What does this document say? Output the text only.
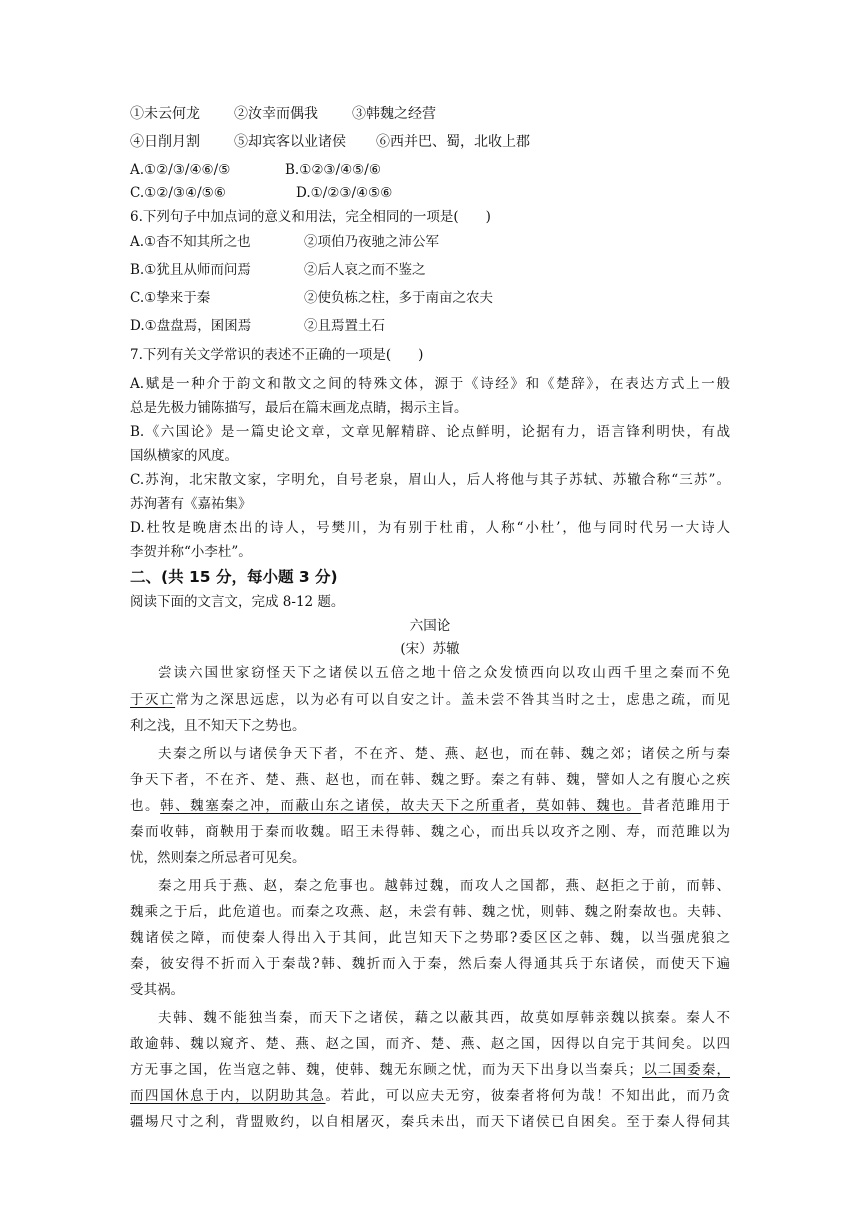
①未云何龙 ②汝幸而偶我 ③韩魏之经营
④日削月割 ⑤却宾客以业诸侯 ⑥西并巴、蜀，北收上郡
A.①②/③/④⑥/⑤	B.①②③/④⑤/⑥
C.①②/③④/⑤⑥	D.①/②③/④⑤⑥
6.下列句子中加点词的意义和用法，完全相同的一项是(　　)
A.①杳不知其所之也	②项伯乃夜驰之沛公军
B.①犹且从师而问焉	②后人哀之而不鉴之
C.①挚来于秦	②使负栋之柱，多于南亩之农夫
D.①盘盘焉，囷囷焉	②且焉置土石
7.下列有关文学常识的表述不正确的一项是(　　)
A.赋是一种介于韵文和散文之间的特殊文体，源于《诗经》和《楚辞》，在表达方式上一般
总是先极力铺陈描写，最后在篇末画龙点睛，揭示主旨。
B.《六国论》是一篇史论文章，文章见解精辟、论点鲜明，论据有力，语言锋利明快，有战
国纵横家的风度。
C.苏洵，北宋散文家，字明允，自号老泉，眉山人，后人将他与其子苏轼、苏辙合称“三苏”。
苏洵著有《嘉祐集》
D.杜牧是晚唐杰出的诗人，号樊川，为有别于杜甫，人称“小杜’，他与同时代另一大诗人
李贺并称“小李杜”。
二、(共 15 分，每小题 3 分)
阅读下面的文言文，完成 8-12 题。
六国论
(宋）苏辙
尝读六国世家窃怪天下之诸侯以五倍之地十倍之众发愤西向以攻山西千里之秦而不免
于灭亡常为之深思远虑，以为必有可以自安之计。盖未尝不咎其当时之士，虑患之疏，而见
利之浅，且不知天下之势也。
夫秦之所以与诸侯争天下者，不在齐、楚、燕、赵也，而在韩、魏之郊；诸侯之所与秦
争天下者，不在齐、楚、燕、赵也，而在韩、魏之野。秦之有韩、魏，譬如人之有腹心之疾
也。韩、魏塞秦之冲，而蔽山东之诸侯，故夫天下之所重者，莫如韩、魏也。昔者范雎用于
秦而收韩，商鞅用于秦而收魏。昭王未得韩、魏之心，而出兵以攻齐之刚、寿，而范雎以为
忧，然则秦之所忌者可见矣。
秦之用兵于燕、赵，秦之危事也。越韩过魏，而攻人之国都，燕、赵拒之于前，而韩、
魏乘之于后，此危道也。而秦之攻燕、赵，未尝有韩、魏之忧，则韩、魏之附秦故也。夫韩、
魏诸侯之障，而使秦人得出入于其间，此岂知天下之势耶?委区区之韩、魏，以当强虎狼之
秦，彼安得不折而入于秦哉?韩、魏折而入于秦，然后秦人得通其兵于东诸侯，而使天下遍
受其祸。
夫韩、魏不能独当秦，而天下之诸侯，藉之以蔽其西，故莫如厚韩亲魏以摈秦。秦人不
敢逾韩、魏以窥齐、楚、燕、赵之国，而齐、楚、燕、赵之国，因得以自完于其间矣。以四
方无事之国，佐当寇之韩、魏，使韩、魏无东顾之忧，而为天下出身以当秦兵；以二国委秦，
而四国休息于内，以阴助其急。若此，可以应夫无穷，彼秦者将何为哉！不知出此，而乃贪
疆埸尺寸之利，背盟败约，以自相屠灭，秦兵未出，而天下诸侯已自困矣。至于秦人得伺其
